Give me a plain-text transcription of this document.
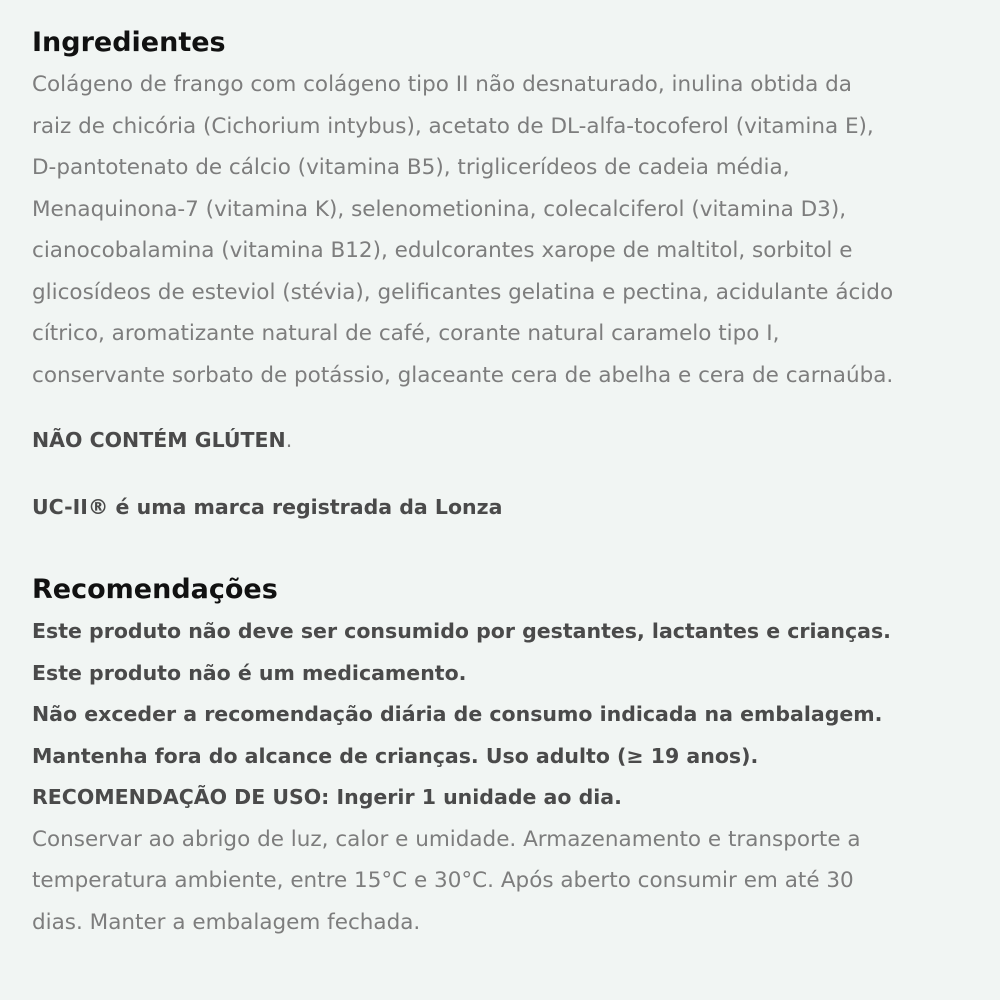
Ingredientes

Colágeno de frango com colágeno tipo II não desnaturado, inulina obtida da

raiz de chicória (Cichorium intybus), acetato de DL-alfa-tocoferol (vitamina E),

D-pantotenato de cálcio (vitamina B5), triglicerídeos de cadeia média,

Menaquinona-7 (vitamina K), selenometionina, colecalciferol (vitamina D3),

cianocobalamina (vitamina B12), edulcorantes xarope de maltitol, sorbitol e

glicosídeos de esteviol (stévia), gelificantes gelatina e pectina, acidulante ácido

cítrico, aromatizante natural de café, corante natural caramelo tipo I,

conservante sorbato de potássio, glaceante cera de abelha e cera de carnaúba.

NÃO CONTÉM GLÚTEN.

UC-II® é uma marca registrada da Lonza

Recomendações

Este produto não deve ser consumido por gestantes, lactantes e crianças.

Este produto não é um medicamento.

Não exceder a recomendação diária de consumo indicada na embalagem.

Mantenha fora do alcance de crianças. Uso adulto (≥ 19 anos).

RECOMENDAÇÃO DE USO: Ingerir 1 unidade ao dia.

Conservar ao abrigo de luz, calor e umidade. Armazenamento e transporte a

temperatura ambiente, entre 15°C e 30°C. Após aberto consumir em até 30

dias. Manter a embalagem fechada.
